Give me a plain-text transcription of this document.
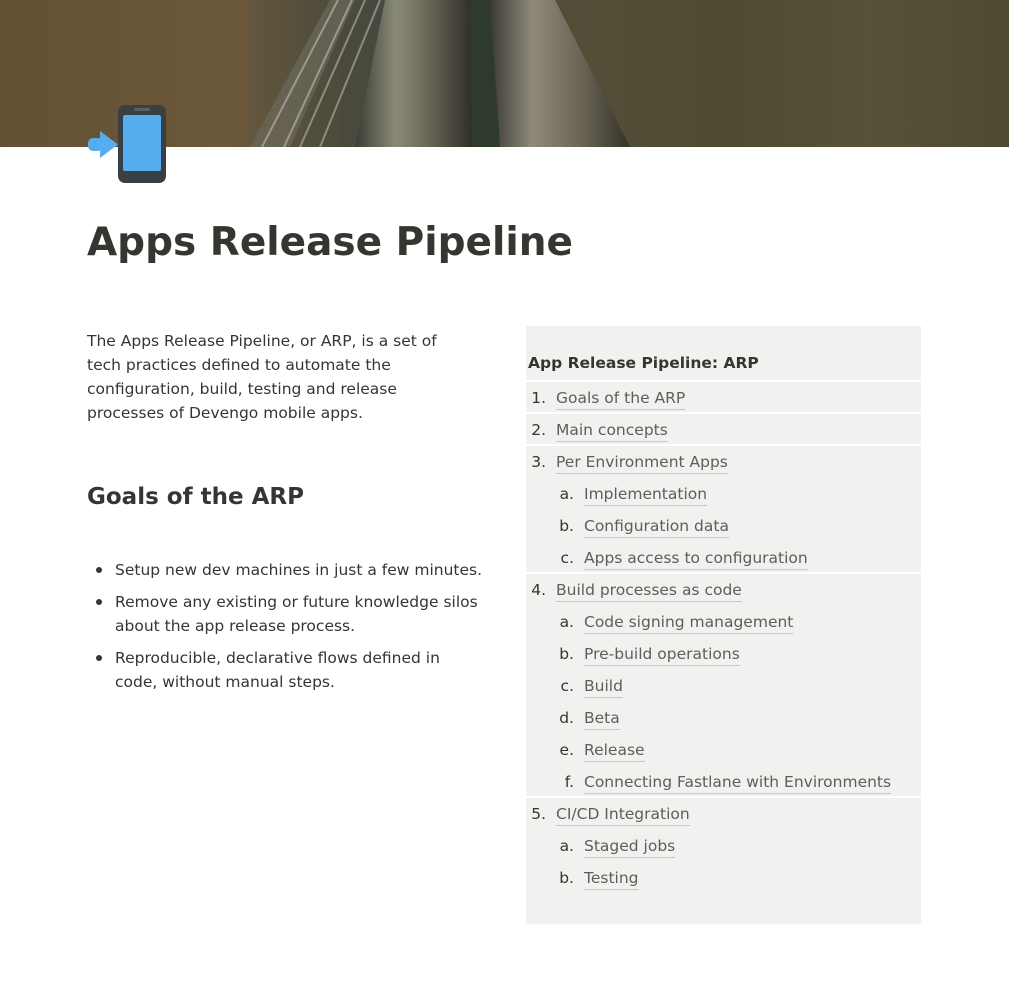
Apps Release Pipeline

The Apps Release Pipeline, or ARP, is a set of tech practices defined to automate the configuration, build, testing and release processes of Devengo mobile apps.

Goals of the ARP
Setup new dev machines in just a few minutes.
Remove any existing or future knowledge silos about the app release process.
Reproducible, declarative flows defined in code, without manual steps.
App Release Pipeline: ARP
1. Goals of the ARP
2. Main concepts
3. Per Environment Apps
a. Implementation
b. Configuration data
c. Apps access to configuration
4. Build processes as code
a. Code signing management
b. Pre-build operations
c. Build
d. Beta
e. Release
f. Connecting Fastlane with Environments
5. CI/CD Integration
a. Staged jobs
b. Testing
